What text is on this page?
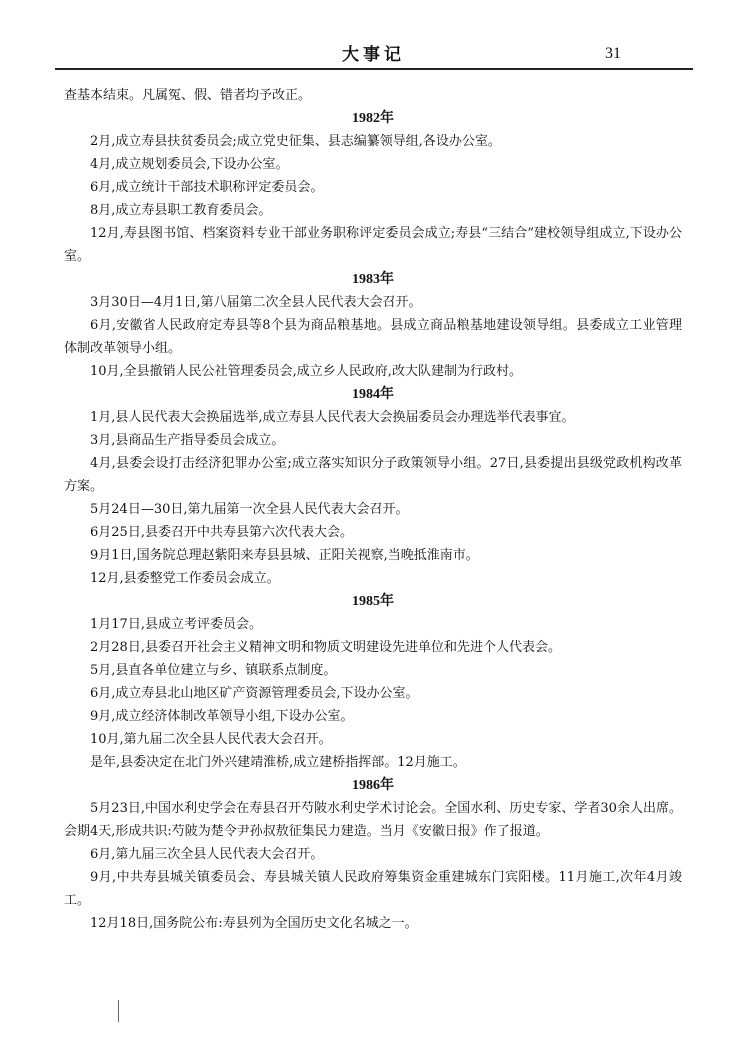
大事记	31

查基本结束。凡属冤、假、错者均予改正。

1982年

2月,成立寿县扶贫委员会;成立党史征集、县志编纂领导组,各设办公室。

4月,成立规划委员会,下设办公室。

6月,成立统计干部技术职称评定委员会。

8月,成立寿县职工教育委员会。

12月,寿县图书馆、档案资料专业干部业务职称评定委员会成立;寿县“三结合”建校领导组成立,下设办公室。

1983年

3月30日—4月1日,第八届第二次全县人民代表大会召开。

6月,安徽省人民政府定寿县等8个县为商品粮基地。县成立商品粮基地建设领导组。县委成立工业管理体制改革领导小组。

10月,全县撤销人民公社管理委员会,成立乡人民政府,改大队建制为行政村。

1984年

1月,县人民代表大会换届选举,成立寿县人民代表大会换届委员会办理选举代表事宜。

3月,县商品生产指导委员会成立。

4月,县委会设打击经济犯罪办公室;成立落实知识分子政策领导小组。27日,县委提出县级党政机构改革方案。

5月24日—30日,第九届第一次全县人民代表大会召开。

6月25日,县委召开中共寿县第六次代表大会。

9月1日,国务院总理赵紫阳来寿县县城、正阳关视察,当晚抵淮南市。

12月,县委整党工作委员会成立。

1985年

1月17日,县成立考评委员会。

2月28日,县委召开社会主义精神文明和物质文明建设先进单位和先进个人代表会。

5月,县直各单位建立与乡、镇联系点制度。

6月,成立寿县北山地区矿产资源管理委员会,下设办公室。

9月,成立经济体制改革领导小组,下设办公室。

10月,第九届二次全县人民代表大会召开。

是年,县委决定在北门外兴建靖淮桥,成立建桥指挥部。12月施工。

1986年

5月23日,中国水利史学会在寿县召开芍陂水利史学术讨论会。全国水利、历史专家、学者30余人出席。会期4天,形成共识:芍陂为楚令尹孙叔敖征集民力建造。当月《安徽日报》作了报道。

6月,第九届三次全县人民代表大会召开。

9月,中共寿县城关镇委员会、寿县城关镇人民政府筹集资金重建城东门宾阳楼。11月施工,次年4月竣工。

12月18日,国务院公布:寿县列为全国历史文化名城之一。
